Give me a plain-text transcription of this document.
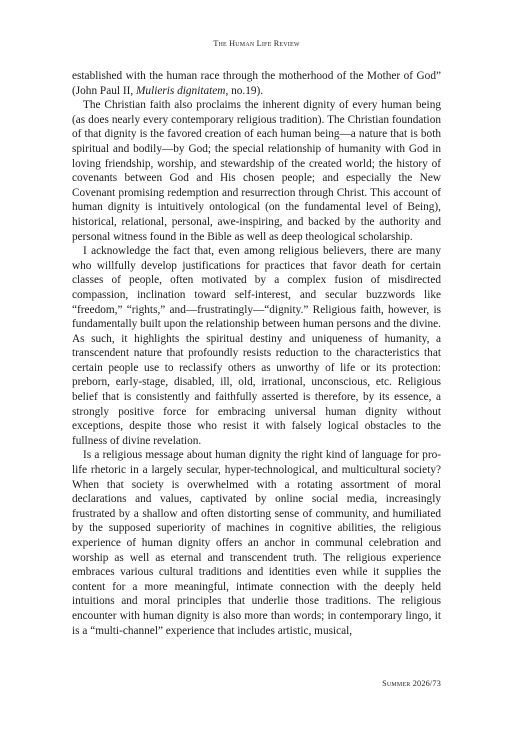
The Human Life Review

established with the human race through the motherhood of the Mother of God” (John Paul II, Mulieris dignitatem, no.19).

The Christian faith also proclaims the inherent dignity of every human being (as does nearly every contemporary religious tradition). The Christian foundation of that dignity is the favored creation of each human being—a nature that is both spiritual and bodily—by God; the special relationship of humanity with God in loving friendship, worship, and stewardship of the created world; the history of covenants between God and His chosen people; and especially the New Covenant promising redemption and resurrection through Christ. This account of human dignity is intuitively ontological (on the fundamental level of Being), historical, relational, personal, awe-inspiring, and backed by the authority and personal witness found in the Bible as well as deep theological scholarship.

I acknowledge the fact that, even among religious believers, there are many who willfully develop justifications for practices that favor death for certain classes of people, often motivated by a complex fusion of misdirected compassion, inclination toward self-interest, and secular buzzwords like “freedom,” “rights,” and—frustratingly—“dignity.” Religious faith, however, is fundamentally built upon the relationship between human persons and the divine. As such, it highlights the spiritual destiny and uniqueness of humanity, a transcendent nature that profoundly resists reduction to the characteristics that certain people use to reclassify others as unworthy of life or its protection: preborn, early-stage, disabled, ill, old, irrational, unconscious, etc. Religious belief that is consistently and faithfully asserted is therefore, by its essence, a strongly positive force for embracing universal human dignity without exceptions, despite those who resist it with falsely logical obstacles to the fullness of divine revelation.

Is a religious message about human dignity the right kind of language for pro-life rhetoric in a largely secular, hyper-technological, and multicultural society? When that society is overwhelmed with a rotating assortment of moral declarations and values, captivated by online social media, increasingly frustrated by a shallow and often distorting sense of community, and humiliated by the supposed superiority of machines in cognitive abilities, the religious experience of human dignity offers an anchor in communal celebration and worship as well as eternal and transcendent truth. The religious experience embraces various cultural traditions and identities even while it supplies the content for a more meaningful, intimate connection with the deeply held intuitions and moral principles that underlie those traditions. The religious encounter with human dignity is also more than words; in contemporary lingo, it is a “multi-channel” experience that includes artistic, musical,

Summer 2026/73
